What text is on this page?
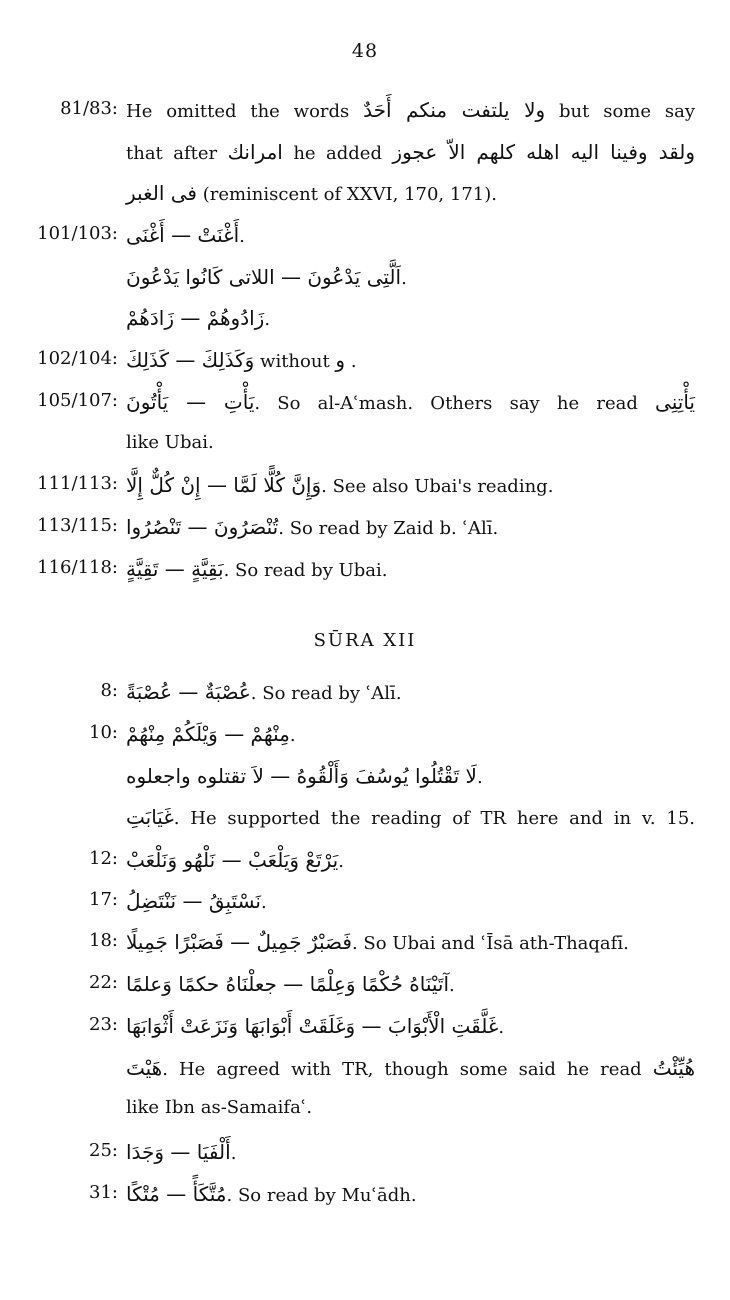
48
81/83: He omitted the words ولا يلتفت منكم أَحَدٌ but some say
that after امرانك he added ولقد وفينا اليه اهله كلهم الاّ عجوز
فى الغبر (reminiscent of XXVI, 170, 171).
101/103: أَغْنَتْ — أَغْنَى.
اَلَّتِى يَدْعُونَ — اللاتى كَانُوا يَدْعُونَ.
زَادُوهُمْ — زَادَهُمْ.
102/104: وَكَذَلِكَ — كَذَلِكَ without و .
105/107: يَأْتِ — يَأْتُونَ. So al-Aʿmash. Others say he read يَأْتِنِى
like Ubai.
111/113: وَإِنَّ كُلًّا لَمَّا — إِنْ كُلٌّ إِلَّا. See also Ubai's reading.
113/115: تُنْصَرُونَ — تَنْصُرُوا. So read by Zaid b. ʿAlī.
116/118: بَقِيَّةٍ — تَقِيَّةٍ. So read by Ubai.
8: عُصْبَةٌ — عُصْبَةً. So read by ʿAlī.
10: مِنْهُمْ — وَيْلَكُمْ مِنْهُمْ.
لَا تَقْتُلُوا يُوسُفَ وَأَلْقُوهُ — لاَ تقتلوه واجعلوه.
غَيَابَتِ. He supported the reading of TR here and in v. 15.
12: يَرْتَعْ وَيَلْعَبْ — نَلْهُو وَنَلْعَبْ.
17: نَسْتَبِقُ — نَنْتَضِلُ.
18: فَصَبْرٌ جَمِيلٌ — فَصَبْرًا جَمِيلًا. So Ubai and ʿĪsā ath-Thaqafī.
22: آتَيْنَاهُ حُكْمًا وَعِلْمًا — جعلْنَاهُ حكمًا وَعلمًا.
23: غَلَّقَتِ الْأَبْوَابَ — وَغَلَقَتْ أَبْوَابَهَا وَنَزَعَتْ أَثْوَابَهَا.
هَيْتَ. He agreed with TR, though some said he read هُيِّئْتُ
like Ibn as-Samaifaʿ.
25: أَلْفَيَا — وَجَدَا.
31: مُتَّكَأً — مُتْكًا. So read by Muʿādh.
SŪRA XII
